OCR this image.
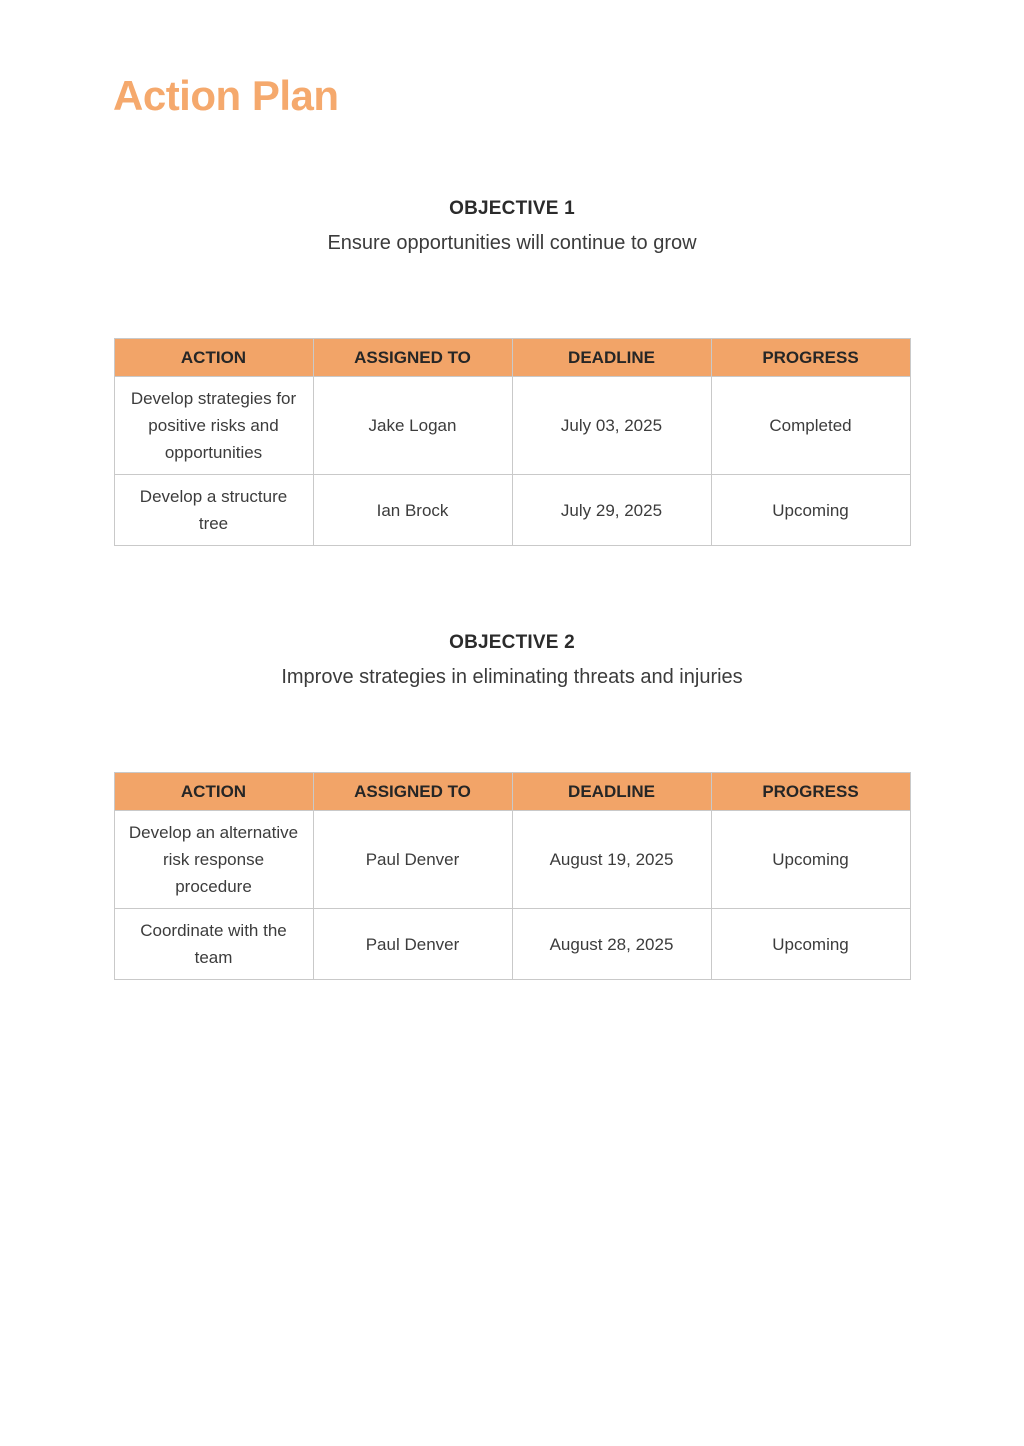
Action Plan
OBJECTIVE 1

Ensure opportunities will continue to grow

ACTION	ASSIGNED TO	DEADLINE	PROGRESS
Develop strategies for positive risks and opportunities	Jake Logan	July 03, 2025	Completed
Develop a structure tree	Ian Brock	July 29, 2025	Upcoming
OBJECTIVE 2

Improve strategies in eliminating threats and injuries

ACTION	ASSIGNED TO	DEADLINE	PROGRESS
Develop an alternative risk response procedure	Paul Denver	August 19, 2025	Upcoming
Coordinate with the team	Paul Denver	August 28, 2025	Upcoming
